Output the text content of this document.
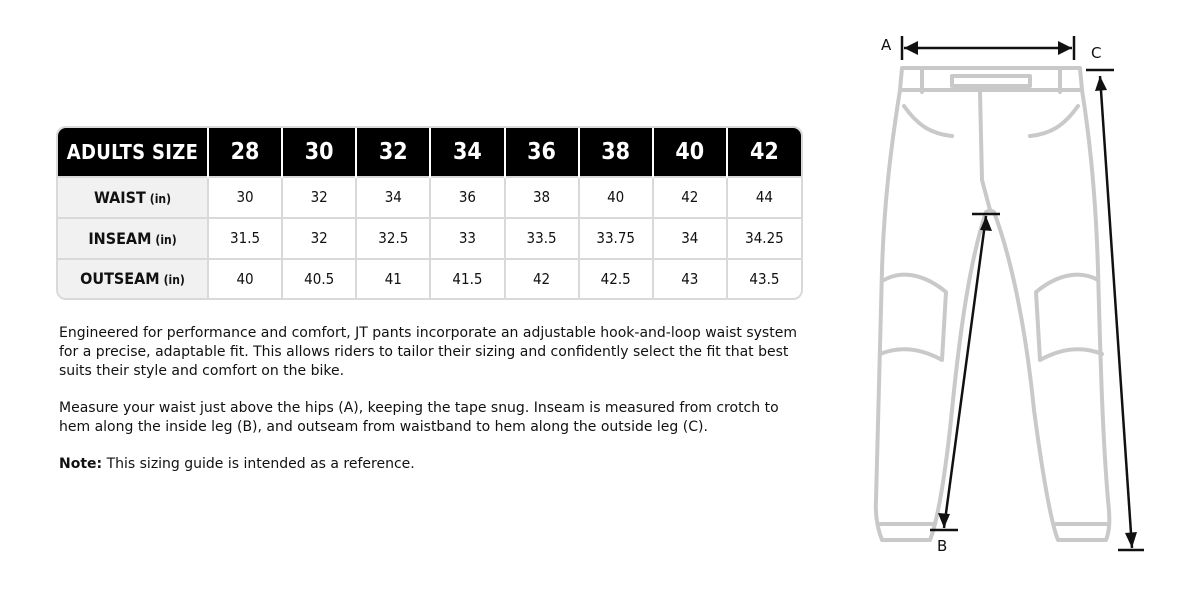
ADULTS SIZE	28	30	32	34	36	38	40	42
WAIST (in)	30	32	34	36	38	40	42	44
INSEAM (in)	31.5	32	32.5	33	33.5	33.75	34	34.25
OUTSEAM (in)	40	40.5	41	41.5	42	42.5	43	43.5

Engineered for performance and comfort, JT pants incorporate an adjustable hook-and-loop waist system for a precise, adaptable fit. This allows riders to tailor their sizing and confidently select the fit that best suits their style and comfort on the bike.

Measure your waist just above the hips (A), keeping the tape snug. Inseam is measured from crotch to hem along the inside leg (B), and outseam from waistband to hem along the outside leg (C).

Note: This sizing guide is intended as a reference.

A	C
B
